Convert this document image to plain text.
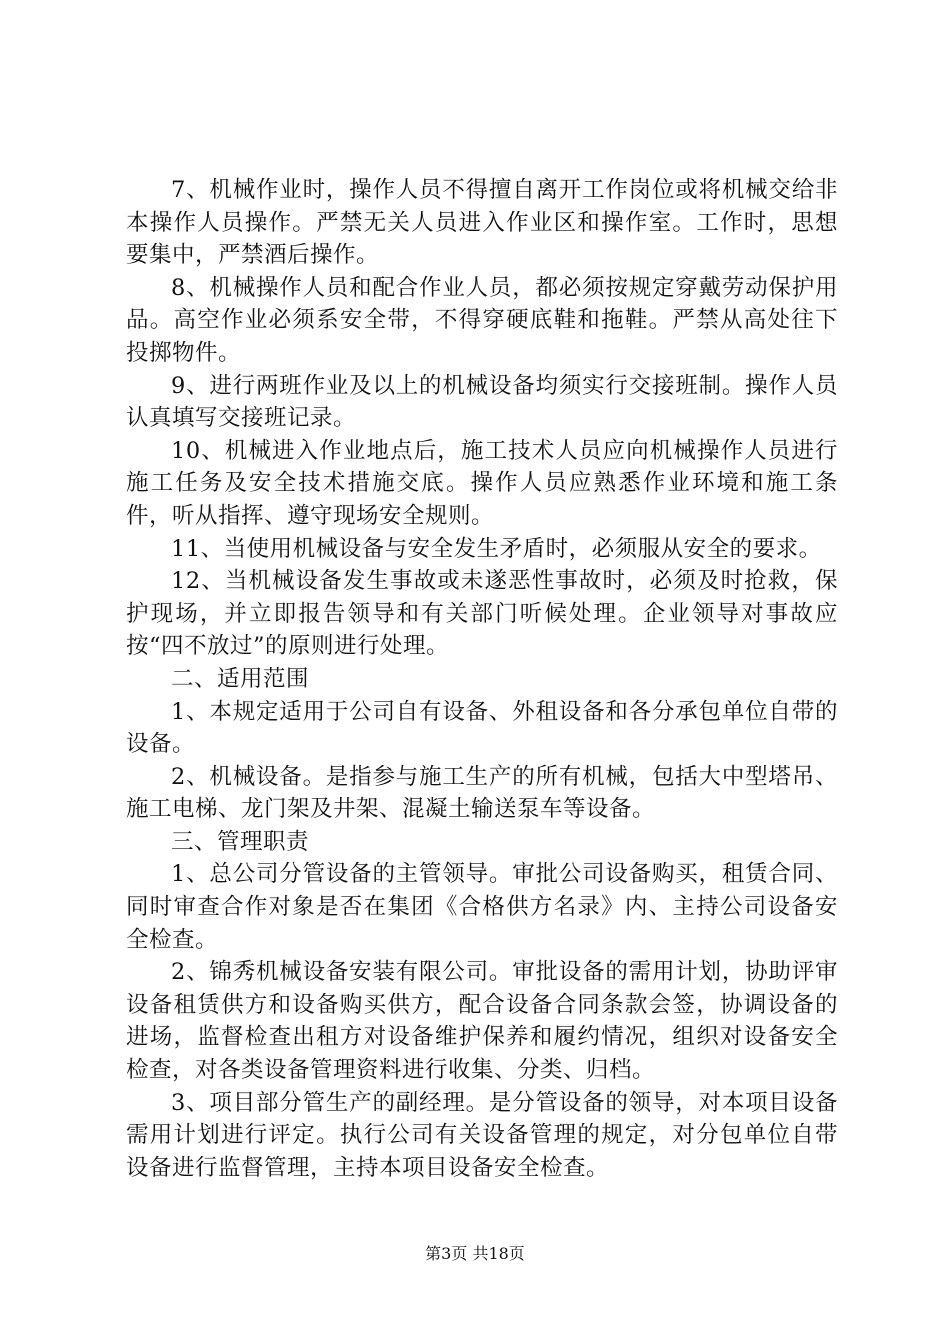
7、机械作业时，操作人员不得擅自离开工作岗位或将机械交给非本操作人员操作。严禁无关人员进入作业区和操作室。工作时，思想要集中，严禁酒后操作。

8、机械操作人员和配合作业人员，都必须按规定穿戴劳动保护用品。高空作业必须系安全带，不得穿硬底鞋和拖鞋。严禁从高处往下投掷物件。

9、进行两班作业及以上的机械设备均须实行交接班制。操作人员认真填写交接班记录。

10、机械进入作业地点后，施工技术人员应向机械操作人员进行施工任务及安全技术措施交底。操作人员应熟悉作业环境和施工条件，听从指挥、遵守现场安全规则。

11、当使用机械设备与安全发生矛盾时，必须服从安全的要求。

12、当机械设备发生事故或未遂恶性事故时，必须及时抢救，保护现场，并立即报告领导和有关部门听候处理。企业领导对事故应按“四不放过”的原则进行处理。

二、适用范围

1、本规定适用于公司自有设备、外租设备和各分承包单位自带的设备。

2、机械设备。是指参与施工生产的所有机械，包括大中型塔吊、施工电梯、龙门架及井架、混凝土输送泵车等设备。

三、管理职责

1、总公司分管设备的主管领导。审批公司设备购买，租赁合同、同时审查合作对象是否在集团《合格供方名录》内、主持公司设备安全检查。

2、锦秀机械设备安装有限公司。审批设备的需用计划，协助评审设备租赁供方和设备购买供方，配合设备合同条款会签，协调设备的进场，监督检查出租方对设备维护保养和履约情况，组织对设备安全检查，对各类设备管理资料进行收集、分类、归档。

3、项目部分管生产的副经理。是分管设备的领导，对本项目设备需用计划进行评定。执行公司有关设备管理的规定，对分包单位自带设备进行监督管理，主持本项目设备安全检查。

第3页 共18页
